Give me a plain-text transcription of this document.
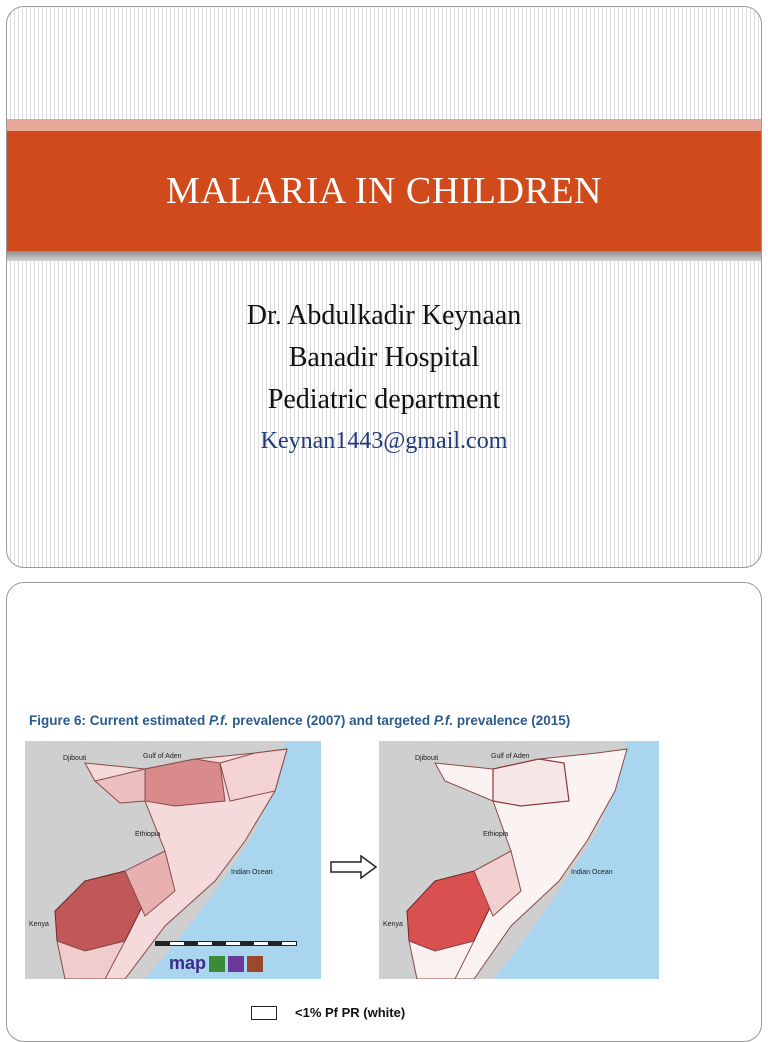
MALARIA IN CHILDREN
Dr. Abdulkadir Keynaan
Banadir Hospital
Pediatric department
Keynan1443@gmail.com
Figure 6: Current estimated P.f. prevalence (2007) and targeted P.f. prevalence (2015)
Djibouti	Gulf of Aden
Ethiopia
Indian Ocean
Kenya
map
Djibouti	Gulf of Aden
Ethiopia
Indian Ocean
Kenya
<1% Pf PR (white)
